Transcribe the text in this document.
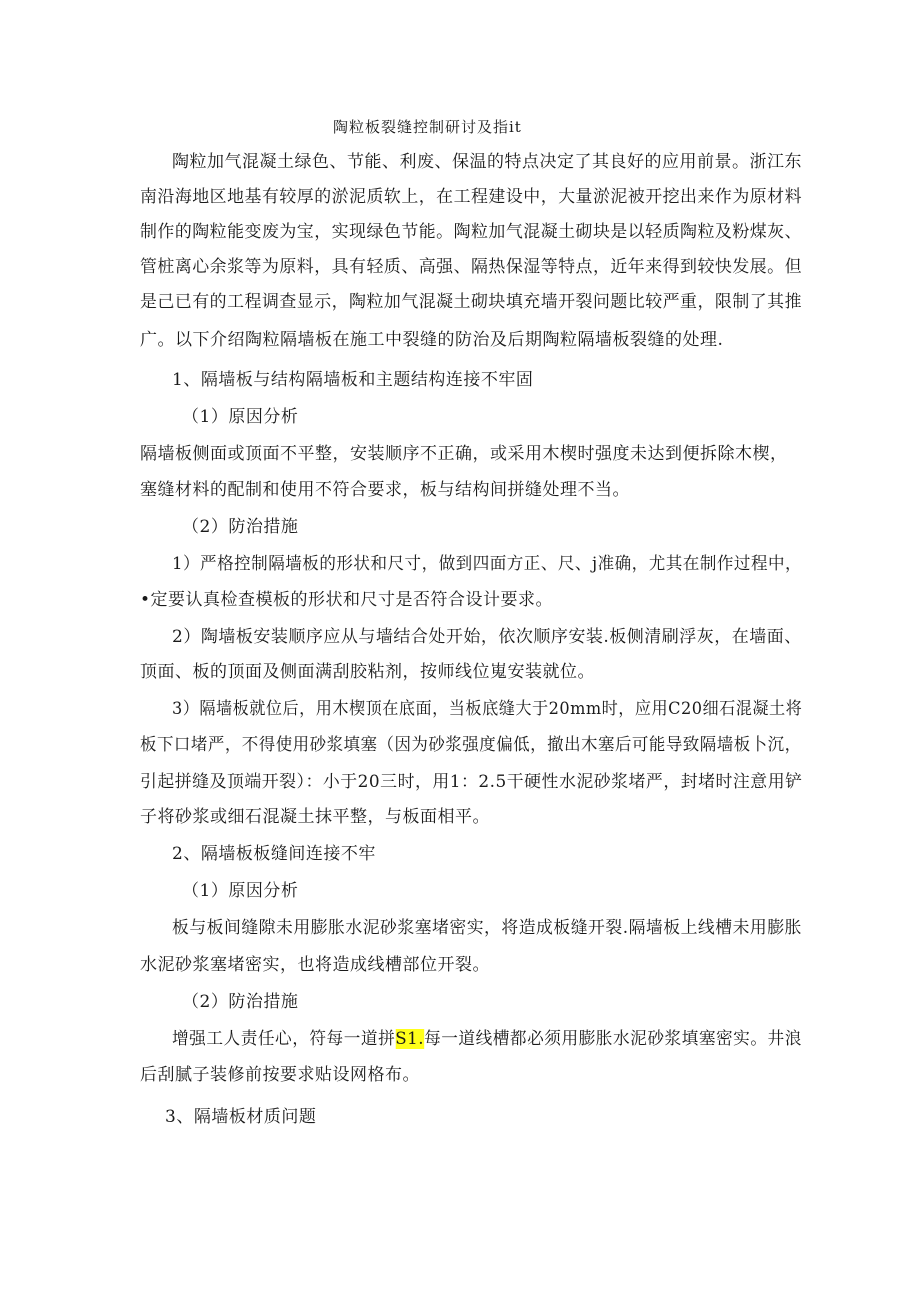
陶粒板裂缝控制研讨及指it
陶粒加气混凝土绿色、节能、利废、保温的特点决定了其良好的应用前景。浙江东
南沿海地区地基有较厚的淤泥质软上，在工程建设中，大量淤泥被开挖出来作为原材料
制作的陶粒能变废为宝，实现绿色节能。陶粒加气混凝土砌块是以轻质陶粒及粉煤灰、
管桩离心余浆等为原料，具有轻质、高强、隔热保湿等特点，近年来得到较快发展。但
是己已有的工程调查显示，陶粒加气混凝土砌块填充墙开裂问题比较严重，限制了其推
广。以下介绍陶粒隔墙板在施工中裂缝的防治及后期陶粒隔墙板裂缝的处理.
1、隔墙板与结构隔墙板和主题结构连接不牢固
（1）原因分析
隔墙板侧面或顶面不平整，安装顺序不正确，或采用木楔时强度未达到便拆除木楔，
塞缝材料的配制和使用不符合要求，板与结构间拼缝处理不当。
（2）防治措施
1）严格控制隔墙板的形状和尺寸，做到四面方正、尺、j准确，尤其在制作过程中，
•定要认真检查模板的形状和尺寸是否符合设计要求。
2）陶墙板安装顺序应从与墙结合处开始，依次顺序安装.板侧清刷浮灰，在墙面、
顶面、板的顶面及侧面满刮胶粘剂，按师线位嵬安装就位。
3）隔墙板就位后，用木楔顶在底面，当板底缝大于20mm时，应用C20细石混凝土将
板下口堵严，不得使用砂浆填塞（因为砂浆强度偏低，撤出木塞后可能导致隔墙板卜沉，
引起拼缝及顶端开裂）：小于20三时，用1：2.5干硬性水泥砂浆堵严，封堵时注意用铲
子将砂浆或细石混凝土抹平整，与板面相平。
2、隔墙板板缝间连接不牢
（1）原因分析
板与板间缝隙未用膨胀水泥砂浆塞堵密实，将造成板缝开裂.隔墙板上线槽未用膨胀
水泥砂浆塞堵密实，也将造成线槽部位开裂。
（2）防治措施
增强工人责任心，符每一道拼S1.每一道线槽都必须用膨胀水泥砂浆填塞密实。井浪
后刮腻子装修前按要求贴设网格布。
3、隔墙板材质问题
